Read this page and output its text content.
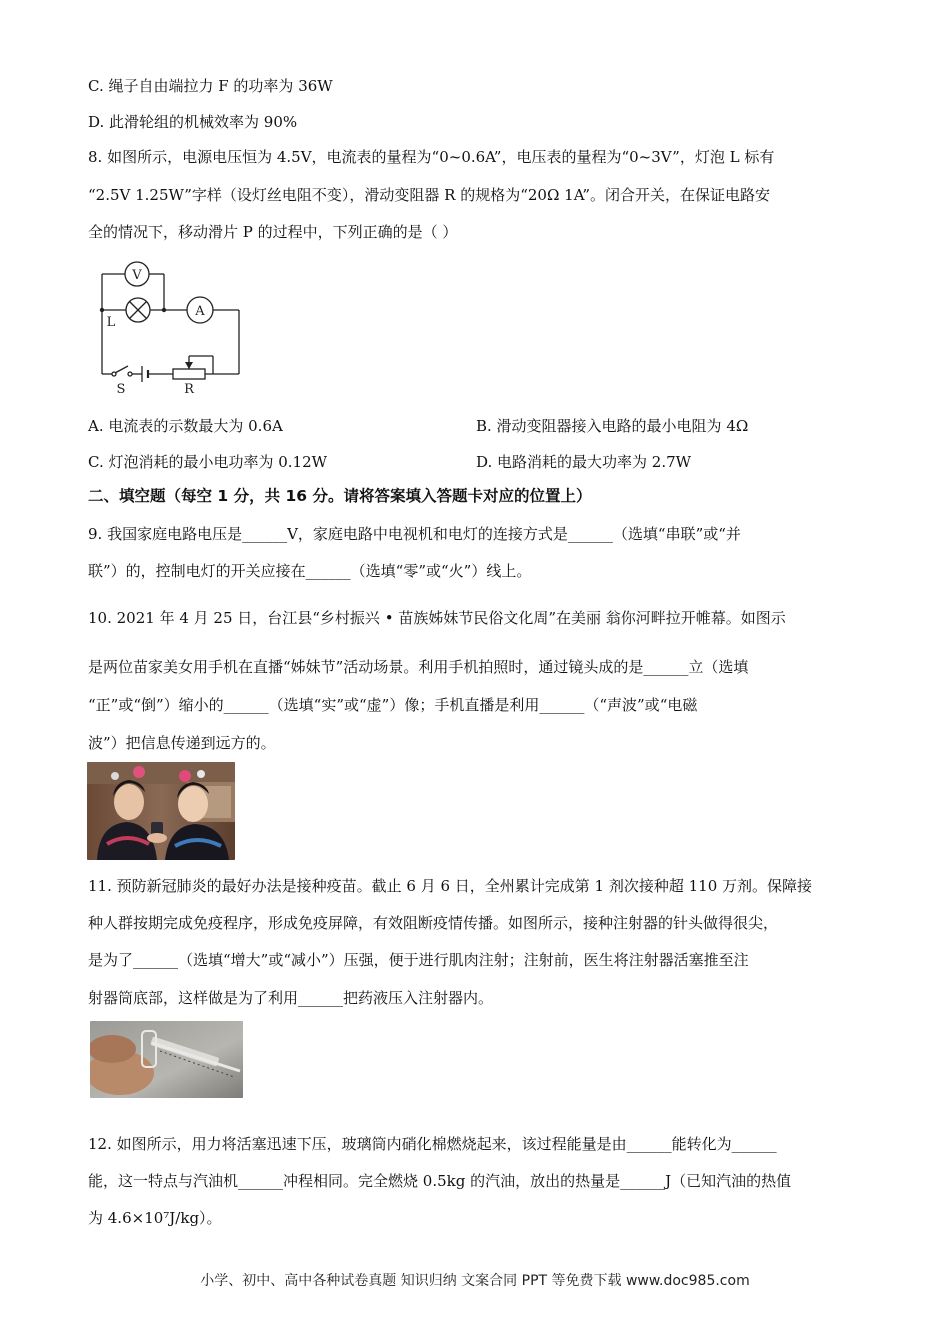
C. 绳子自由端拉力 F 的功率为 36W
D. 此滑轮组的机械效率为 90%
8. 如图所示，电源电压恒为 4.5V，电流表的量程为“0~0.6A”，电压表的量程为“0~3V”，灯泡 L 标有
“2.5V 1.25W”字样（设灯丝电阻不变），滑动变阻器 R 的规格为“20Ω 1A”。闭合开关，在保证电路安
全的情况下，移动滑片 P 的过程中，下列正确的是（ ）
V
A
L
S	R
A. 电流表的示数最大为 0.6A	B. 滑动变阻器接入电路的最小电阻为 4Ω
C. 灯泡消耗的最小电功率为 0.12W	D. 电路消耗的最大功率为 2.7W
二、填空题（每空 1 分，共 16 分。请将答案填入答题卡对应的位置上）
9. 我国家庭电路电压是______V，家庭电路中电视机和电灯的连接方式是______（选填“串联”或“并
联”）的，控制电灯的开关应接在______（选填“零”或“火”）线上。
10. 2021 年 4 月 25 日，台江县“乡村振兴 • 苗族姊妹节民俗文化周”在美丽 翁你河畔拉开帷幕。如图示
是两位苗家美女用手机在直播“姊妹节”活动场景。利用手机拍照时，通过镜头成的是______立（选填
“正”或“倒”）缩小的______（选填“实”或“虚”）像；手机直播是利用______（“声波”或“电磁
波”）把信息传递到远方的。
11. 预防新冠肺炎的最好办法是接种疫苗。截止 6 月 6 日，全州累计完成第 1 剂次接种超 110 万剂。保障接
种人群按期完成免疫程序，形成免疫屏障，有效阻断疫情传播。如图所示，接种注射器的针头做得很尖，
是为了______（选填“增大”或“减小”）压强，便于进行肌肉注射；注射前，医生将注射器活塞推至注
射器筒底部，这样做是为了利用______把药液压入注射器内。
12. 如图所示，用力将活塞迅速下压，玻璃筒内硝化棉燃烧起来，该过程能量是由______能转化为______
能，这一特点与汽油机______冲程相同。完全燃烧 0.5kg 的汽油，放出的热量是______J（已知汽油的热值
为 4.6×10⁷J/kg）。
小学、初中、高中各种试卷真题 知识归纳 文案合同 PPT 等免费下载 www.doc985.com
